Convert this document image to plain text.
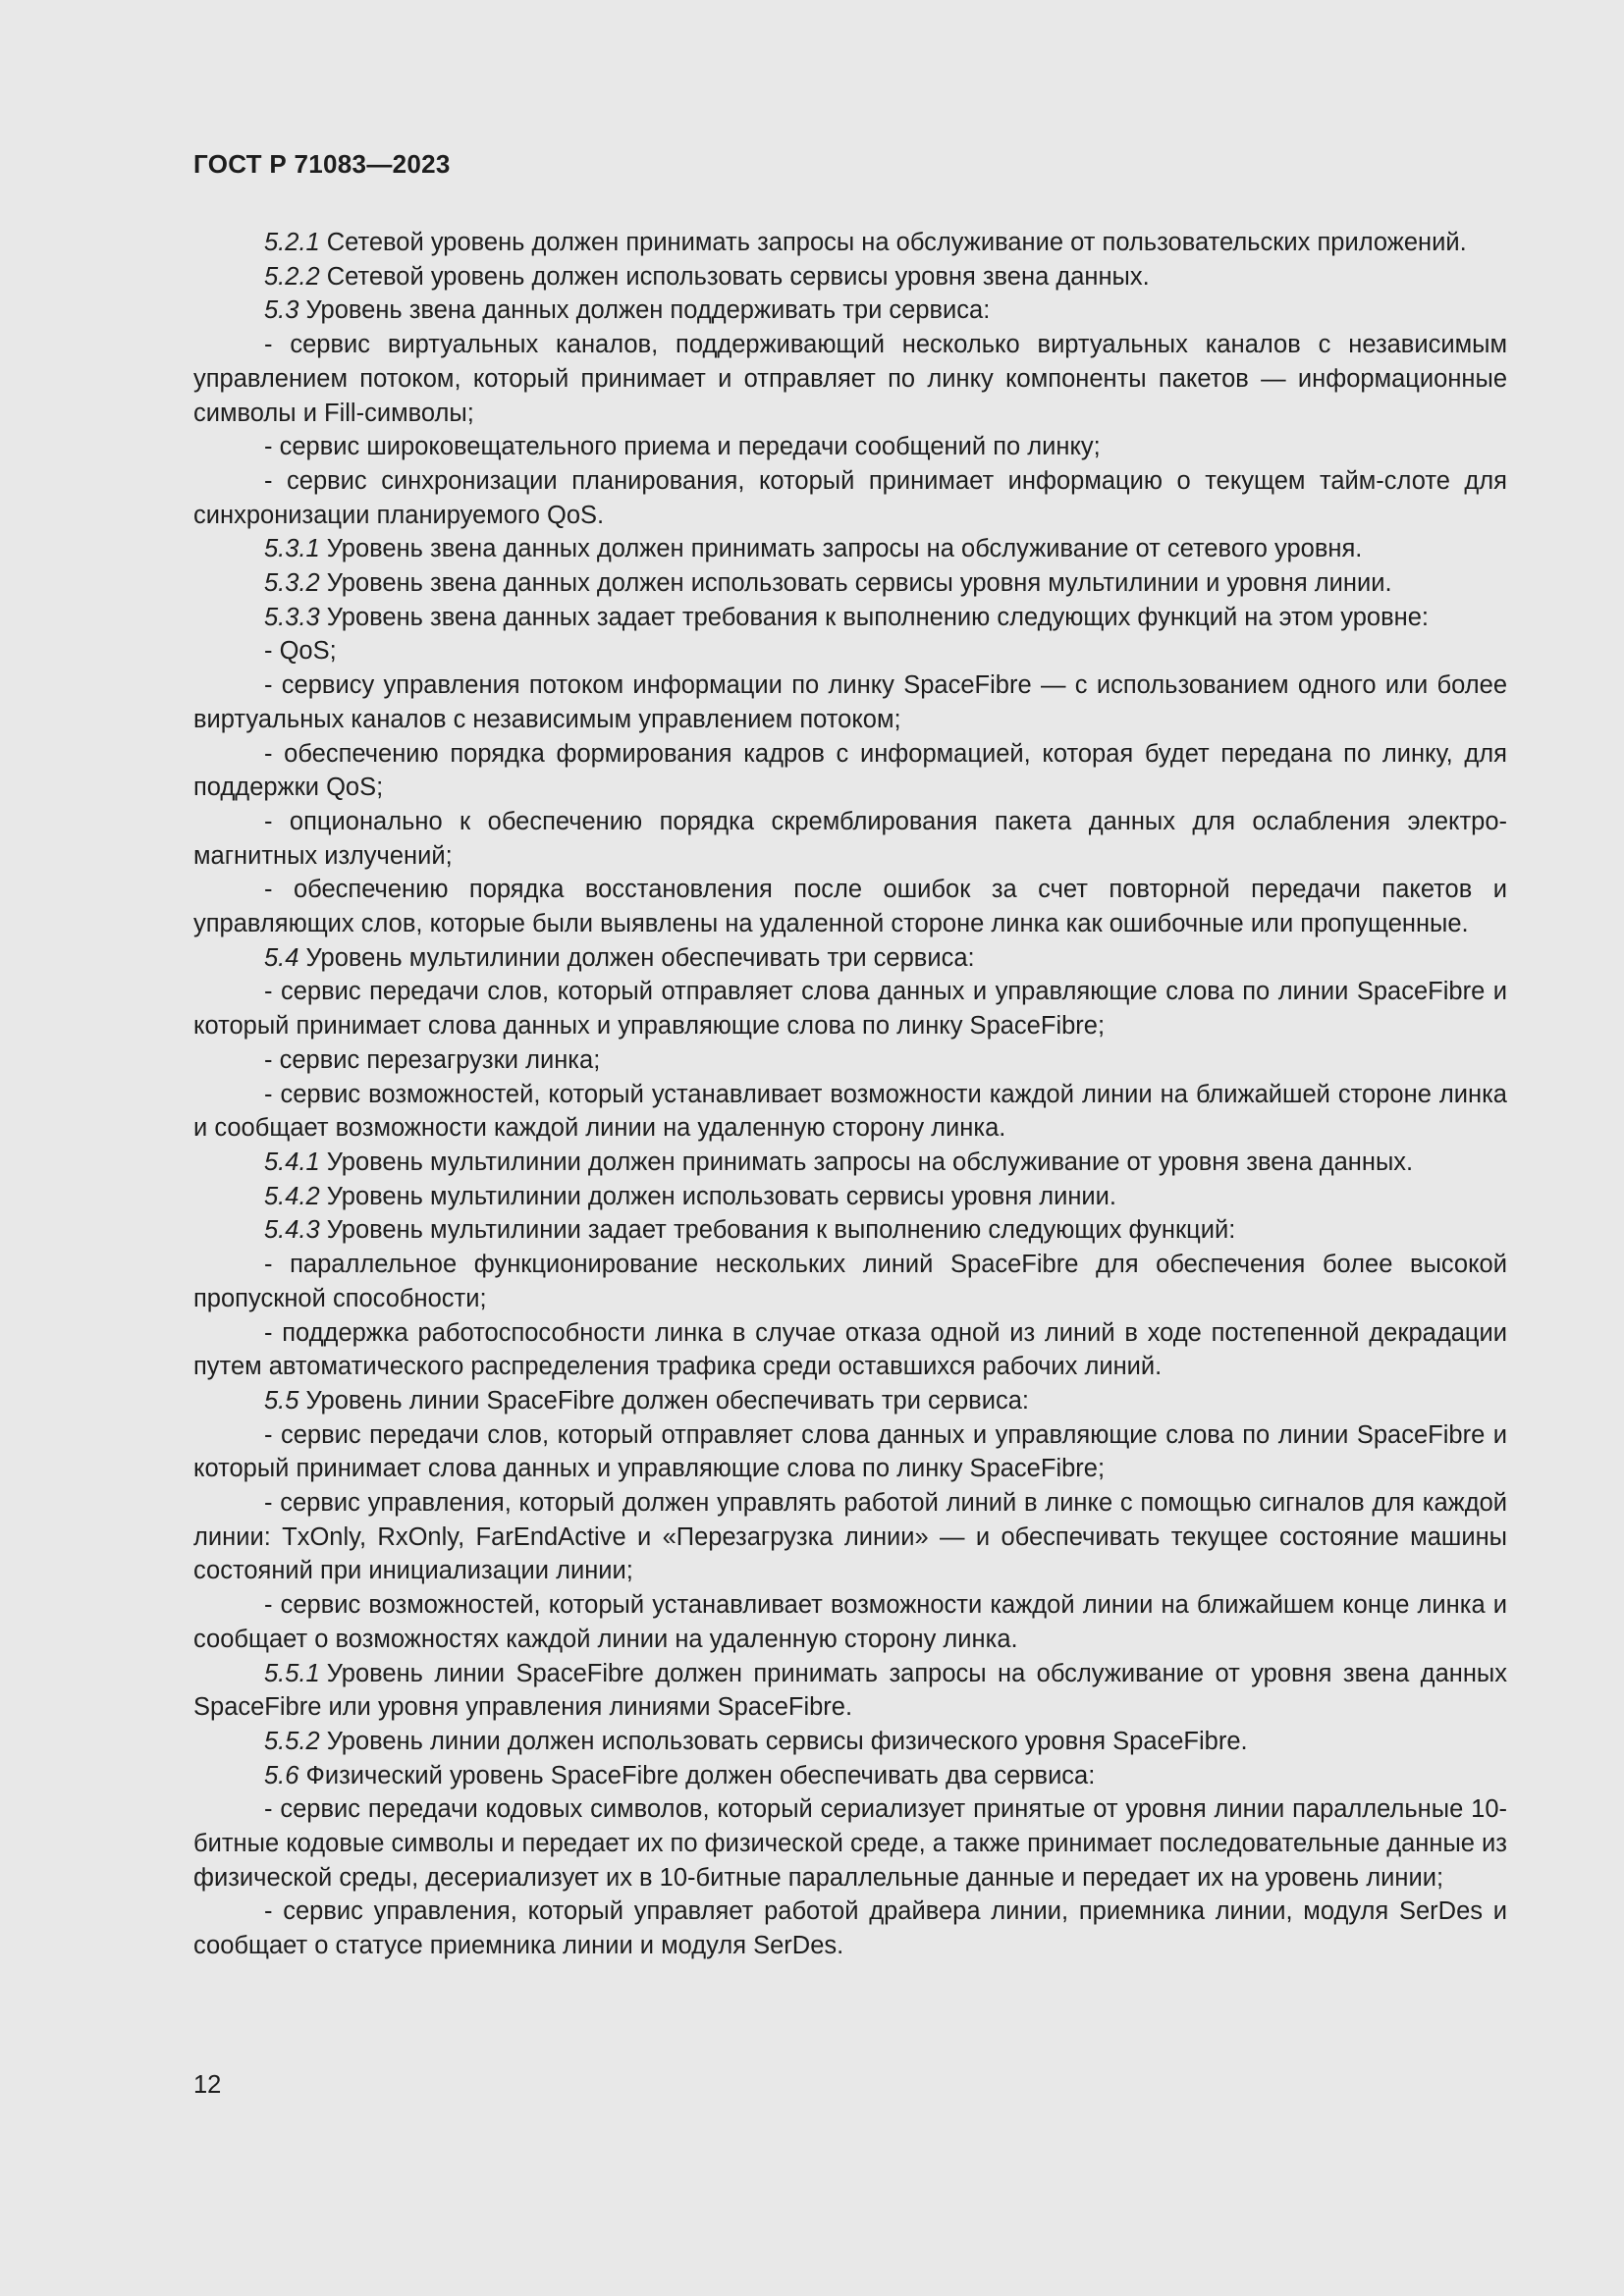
ГОСТ Р 71083—2023

5.2.1 Сетевой уровень должен принимать запросы на обслуживание от пользовательских приложений.

5.2.2 Сетевой уровень должен использовать сервисы уровня звена данных.

5.3 Уровень звена данных должен поддерживать три сервиса:

- сервис виртуальных каналов, поддерживающий несколько виртуальных каналов с независимым управлением потоком, который принимает и отправляет по линку компоненты пакетов — информационные символы и Fill-символы;

- сервис широковещательного приема и передачи сообщений по линку;

- сервис синхронизации планирования, который принимает информацию о текущем тайм-слоте для синхронизации планируемого QoS.

5.3.1 Уровень звена данных должен принимать запросы на обслуживание от сетевого уровня.

5.3.2 Уровень звена данных должен использовать сервисы уровня мультилинии и уровня линии.

5.3.3 Уровень звена данных задает требования к выполнению следующих функций на этом уровне:

- QoS;

- сервису управления потоком информации по линку SpaceFibre — с использованием одного или более виртуальных каналов с независимым управлением потоком;

- обеспечению порядка формирования кадров с информацией, которая будет передана по линку, для поддержки QoS;

- опционально к обеспечению порядка скремблирования пакета данных для ослабления электромагнитных излучений;

- обеспечению порядка восстановления после ошибок за счет повторной передачи пакетов и управляющих слов, которые были выявлены на удаленной стороне линка как ошибочные или пропущенные.

5.4 Уровень мультилинии должен обеспечивать три сервиса:

- сервис передачи слов, который отправляет слова данных и управляющие слова по линии SpaceFibre и который принимает слова данных и управляющие слова по линку SpaceFibre;

- сервис перезагрузки линка;

- сервис возможностей, который устанавливает возможности каждой линии на ближайшей стороне линка и сообщает возможности каждой линии на удаленную сторону линка.

5.4.1 Уровень мультилинии должен принимать запросы на обслуживание от уровня звена данных.

5.4.2 Уровень мультилинии должен использовать сервисы уровня линии.

5.4.3 Уровень мультилинии задает требования к выполнению следующих функций:

- параллельное функционирование нескольких линий SpaceFibre для обеспечения более высокой пропускной способности;

- поддержка работоспособности линка в случае отказа одной из линий в ходе постепенной декрадации путем автоматического распределения трафика среди оставшихся рабочих линий.

5.5 Уровень линии SpaceFibre должен обеспечивать три сервиса:

- сервис передачи слов, который отправляет слова данных и управляющие слова по линии SpaceFibre и который принимает слова данных и управляющие слова по линку SpaceFibre;

- сервис управления, который должен управлять работой линий в линке с помощью сигналов для каждой линии: TxOnly, RxOnly, FarEndActive и «Перезагрузка линии» — и обеспечивать текущее состояние машины состояний при инициализации линии;

- сервис возможностей, который устанавливает возможности каждой линии на ближайшем конце линка и сообщает о возможностях каждой линии на удаленную сторону линка.

5.5.1 Уровень линии SpaceFibre должен принимать запросы на обслуживание от уровня звена данных SpaceFibre или уровня управления линиями SpaceFibre.

5.5.2 Уровень линии должен использовать сервисы физического уровня SpaceFibre.

5.6 Физический уровень SpaceFibre должен обеспечивать два сервиса:

- сервис передачи кодовых символов, который сериализует принятые от уровня линии параллельные 10-битные кодовые символы и передает их по физической среде, а также принимает последовательные данные из физической среды, десериализует их в 10-битные параллельные данные и передает их на уровень линии;

- сервис управления, который управляет работой драйвера линии, приемника линии, модуля SerDes и сообщает о статусе приемника линии и модуля SerDes.

12
